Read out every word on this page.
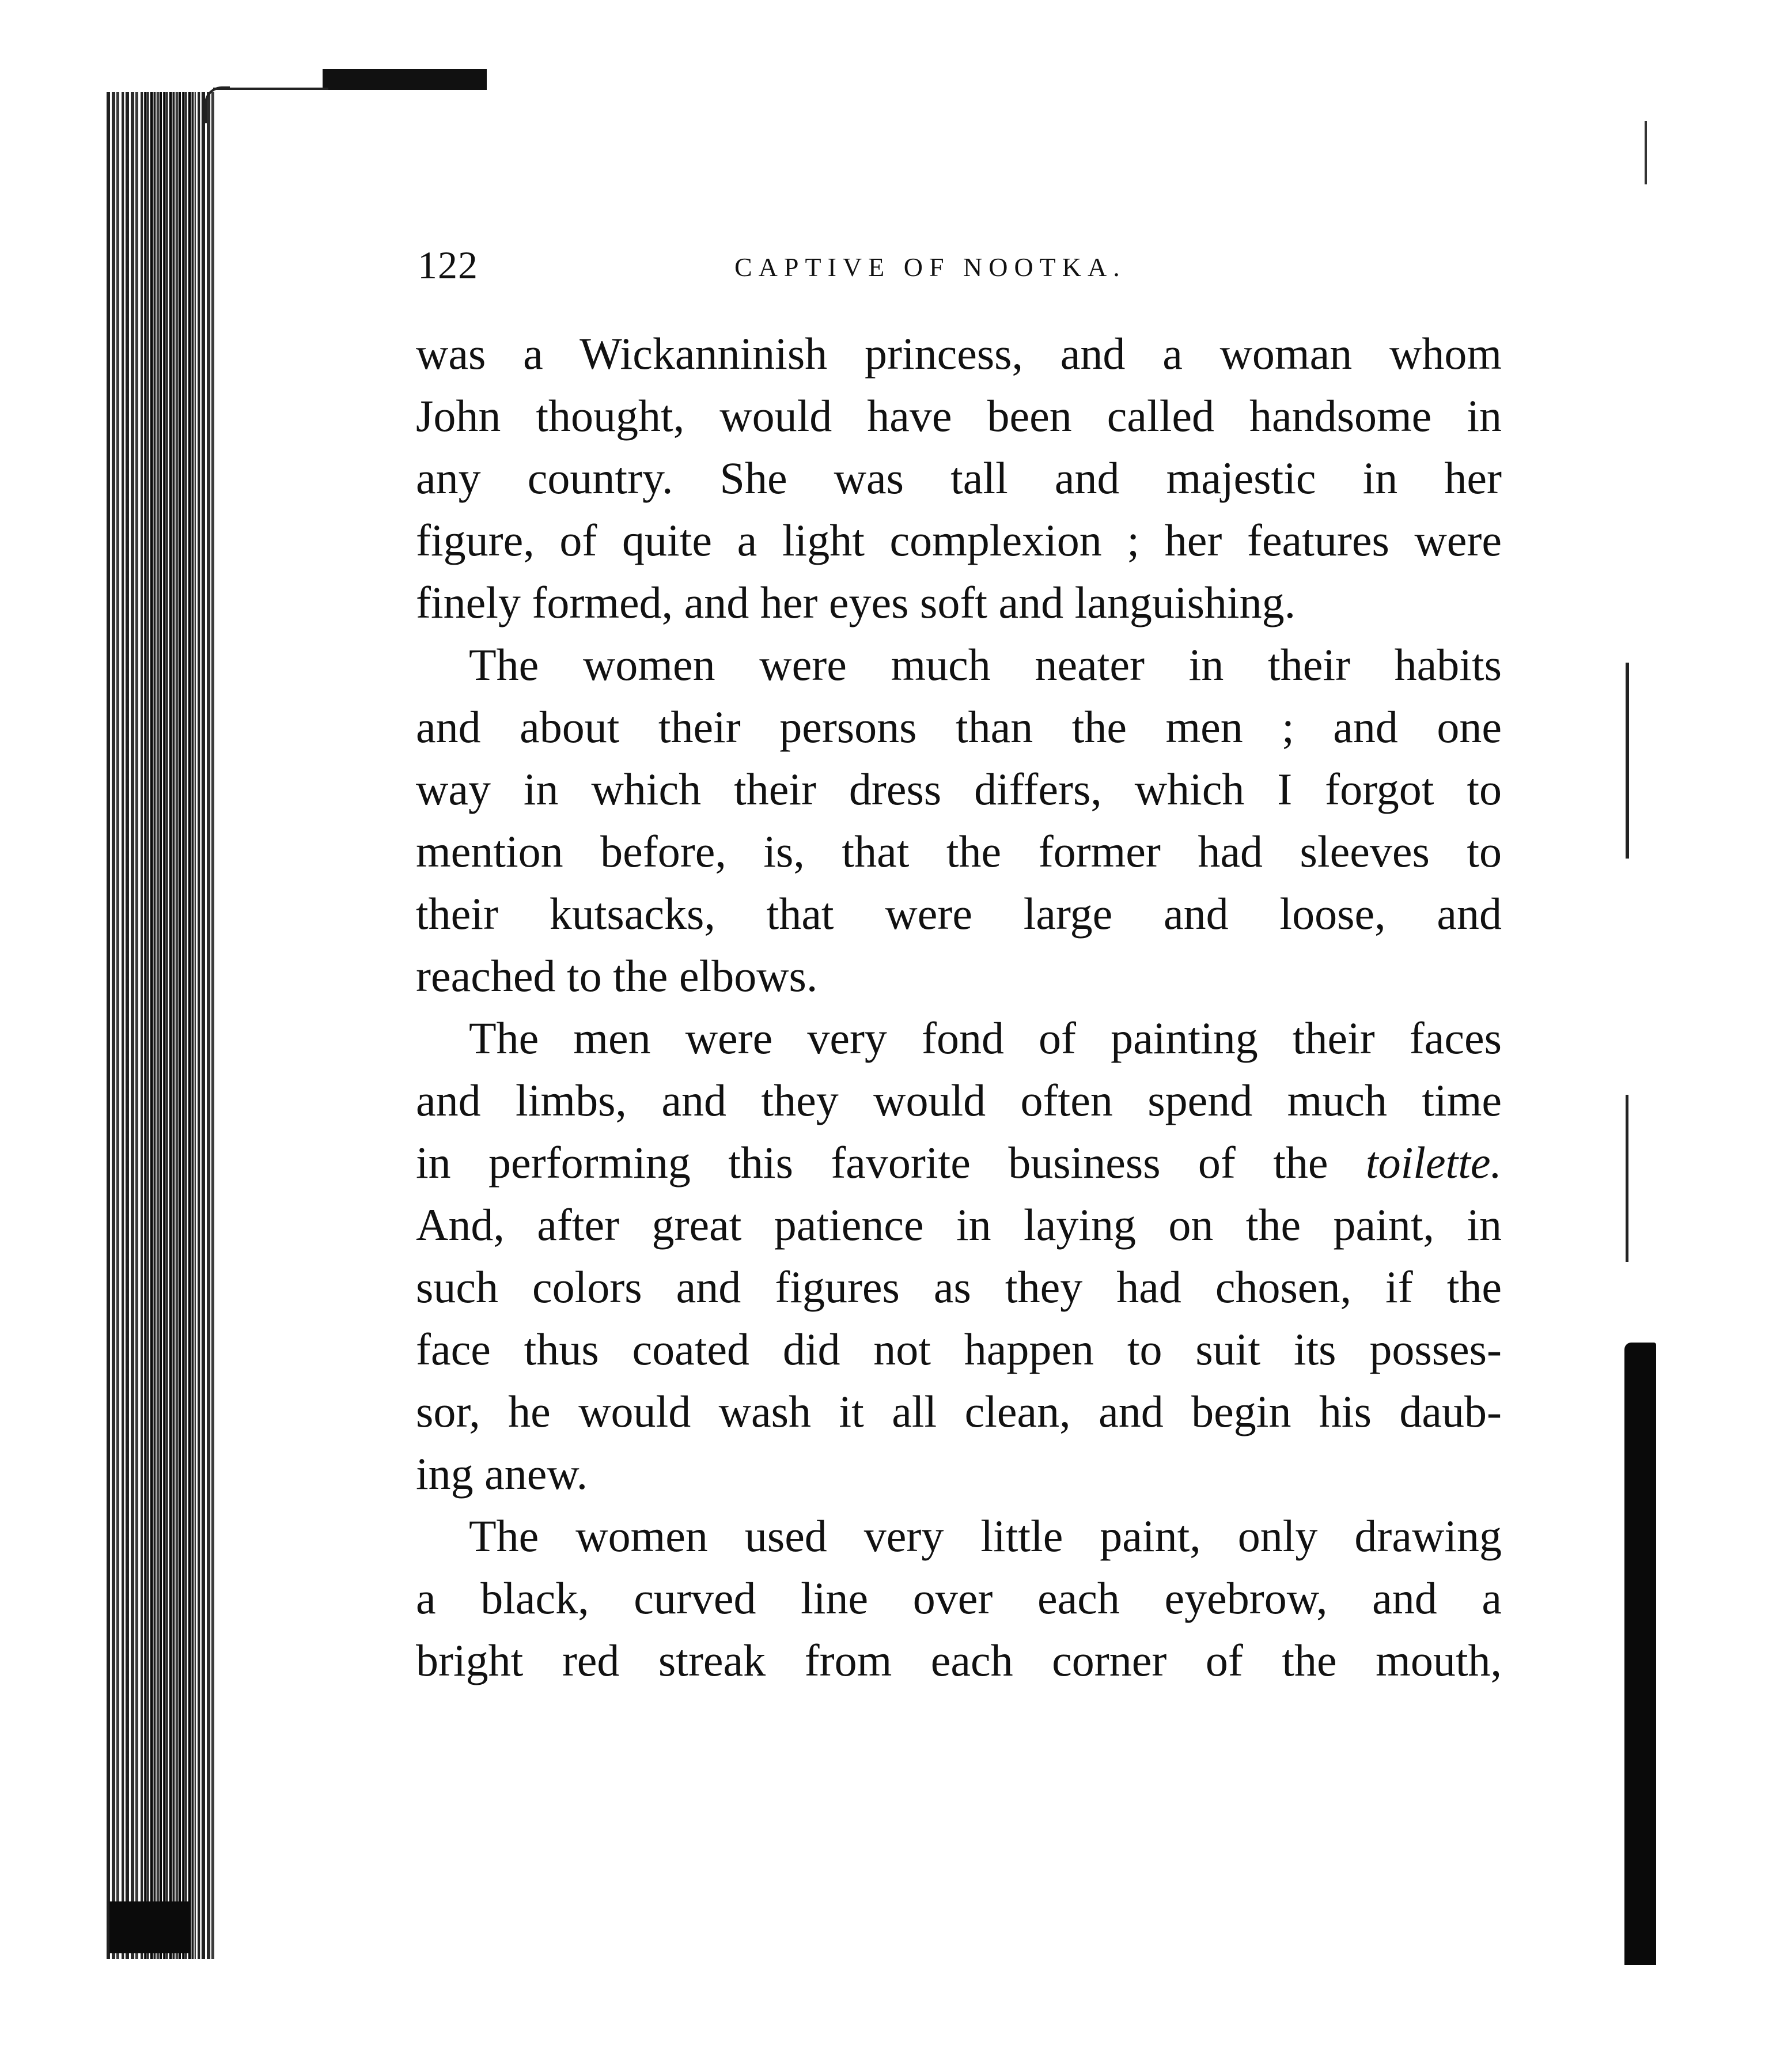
122	CAPTIVE OF NOOTKA.

was a Wickanninish princess, and a woman whom
John thought, would have been called handsome in
any country. She was tall and majestic in her
figure, of quite a light complexion ; her features were
finely formed, and her eyes soft and languishing.

The women were much neater in their habits
and about their persons than the men ; and one
way in which their dress differs, which I forgot to
mention before, is, that the former had sleeves to
their kutsacks, that were large and loose, and
reached to the elbows.

The men were very fond of painting their faces
and limbs, and they would often spend much time
in performing this favorite business of the toilette.
And, after great patience in laying on the paint, in
such colors and figures as they had chosen, if the
face thus coated did not happen to suit its posses-
sor, he would wash it all clean, and begin his daub-
ing anew.

The women used very little paint, only drawing
a black, curved line over each eyebrow, and a
bright red streak from each corner of the mouth,
